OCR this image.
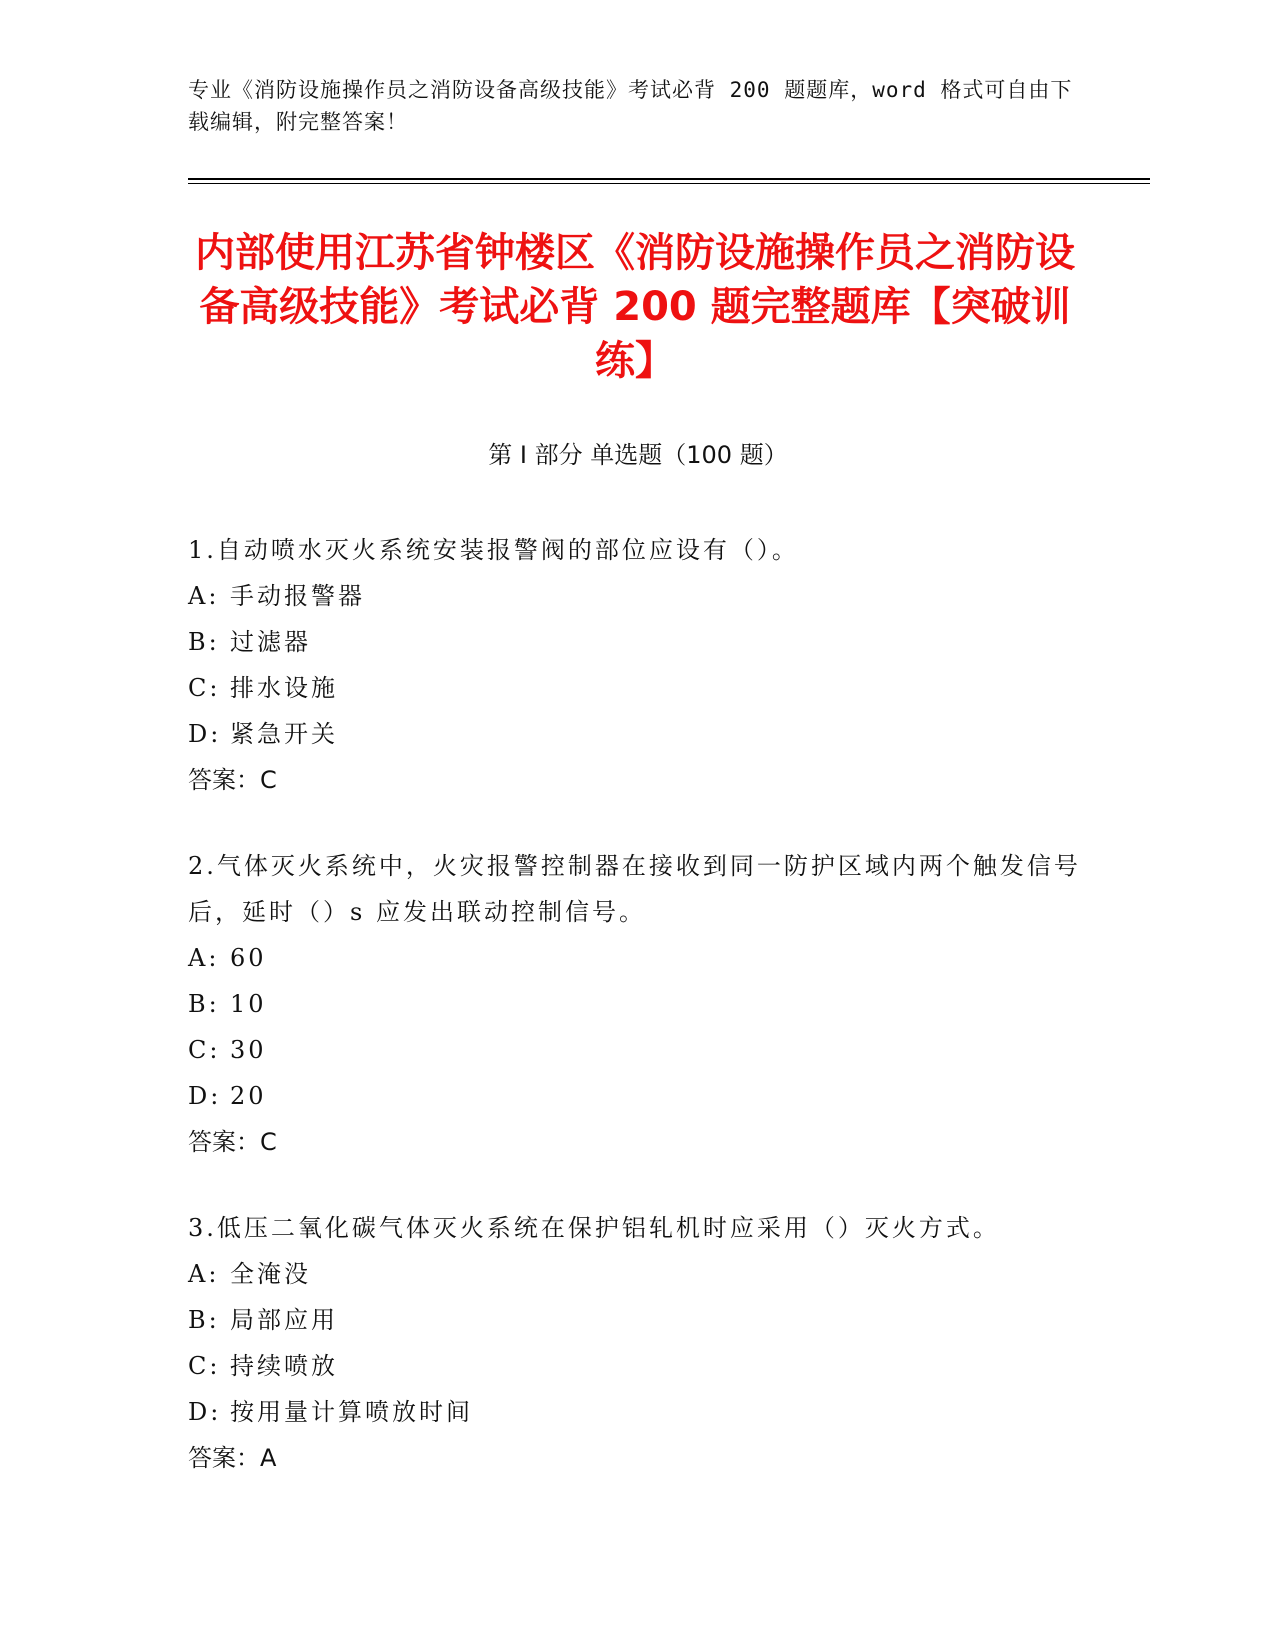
专业《消防设施操作员之消防设备高级技能》考试必背 200 题题库，word 格式可自由下载编辑，附完整答案！
内部使用江苏省钟楼区《消防设施操作员之消防设备高级技能》考试必背 200 题完整题库【突破训练】
第 I 部分 单选题（100 题）
1.自动喷水灭火系统安装报警阀的部位应设有（）。
A: 手动报警器
B: 过滤器
C: 排水设施
D: 紧急开关
答案：C
2.气体灭火系统中，火灾报警控制器在接收到同一防护区域内两个触发信号后，延时（）s 应发出联动控制信号。
A: 60
B: 10
C: 30
D: 20
答案：C
3.低压二氧化碳气体灭火系统在保护铝轧机时应采用（）灭火方式。
A: 全淹没
B: 局部应用
C: 持续喷放
D: 按用量计算喷放时间
答案：A
